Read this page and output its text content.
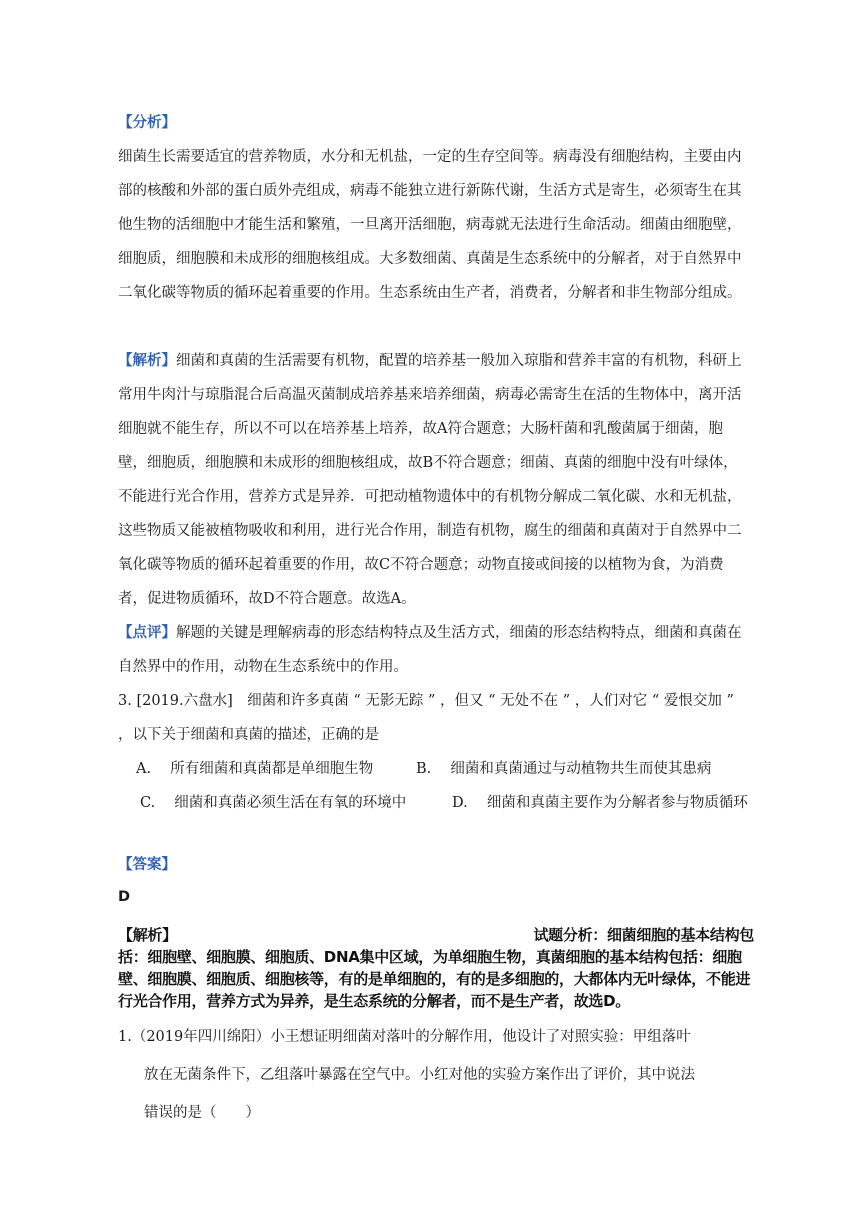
【分析】

细菌生长需要适宜的营养物质，水分和无机盐，一定的生存空间等。病毒没有细胞结构，主要由内部的核酸和外部的蛋白质外壳组成，病毒不能独立进行新陈代谢，生活方式是寄生，必须寄生在其他生物的活细胞中才能生活和繁殖，一旦离开活细胞，病毒就无法进行生命活动。细菌由细胞壁，细胞质，细胞膜和未成形的细胞核组成。大多数细菌、真菌是生态系统中的分解者，对于自然界中二氧化碳等物质的循环起着重要的作用。生态系统由生产者，消费者，分解者和非生物部分组成。

【解析】细菌和真菌的生活需要有机物，配置的培养基一般加入琼脂和营养丰富的有机物，科研上常用牛肉汁与琼脂混合后高温灭菌制成培养基来培养细菌，病毒必需寄生在活的生物体中，离开活细胞就不能生存，所以不可以在培养基上培养，故A符合题意；大肠杆菌和乳酸菌属于细菌，胞壁，细胞质，细胞膜和未成形的细胞核组成，故B不符合题意；细菌、真菌的细胞中没有叶绿体，不能进行光合作用，营养方式是异养．可把动植物遗体中的有机物分解成二氧化碳、水和无机盐，这些物质又能被植物吸收和利用，进行光合作用，制造有机物，腐生的细菌和真菌对于自然界中二氧化碳等物质的循环起着重要的作用，故C不符合题意；动物直接或间接的以植物为食，为消费者，促进物质循环，故D不符合题意。故选A。

【点评】解题的关键是理解病毒的形态结构特点及生活方式，细菌的形态结构特点，细菌和真菌在自然界中的作用，动物在生态系统中的作用。

3. [2019.六盘水]　细菌和许多真菌 “ 无影无踪 ” ，但又 “ 无处不在 ” ，人们对它 “ 爱恨交加 ” ，以下关于细菌和真菌的描述，正确的是

A.　 所有细菌和真菌都是单细胞生物	B.　 细菌和真菌通过与动植物共生而使其患病
C.　 细菌和真菌必须生活在有氧的环境中	D.　 细菌和真菌主要作为分解者参与物质循环

【答案】

D

【解析】	试题分析：细菌细胞的基本结构包

括：细胞壁、细胞膜、细胞质、DNA集中区域，为单细胞生物，真菌细胞的基本结构包括：细胞壁、细胞膜、细胞质、细胞核等，有的是单细胞的，有的是多细胞的，大都体内无叶绿体，不能进行光合作用，营养方式为异养，是生态系统的分解者，而不是生产者，故选D。

1.（2019年四川绵阳）小王想证明细菌对落叶的分解作用，他设计了对照实验：甲组落叶
放在无菌条件下，乙组落叶暴露在空气中。小红对他的实验方案作出了评价，其中说法
错误的是（　　）
